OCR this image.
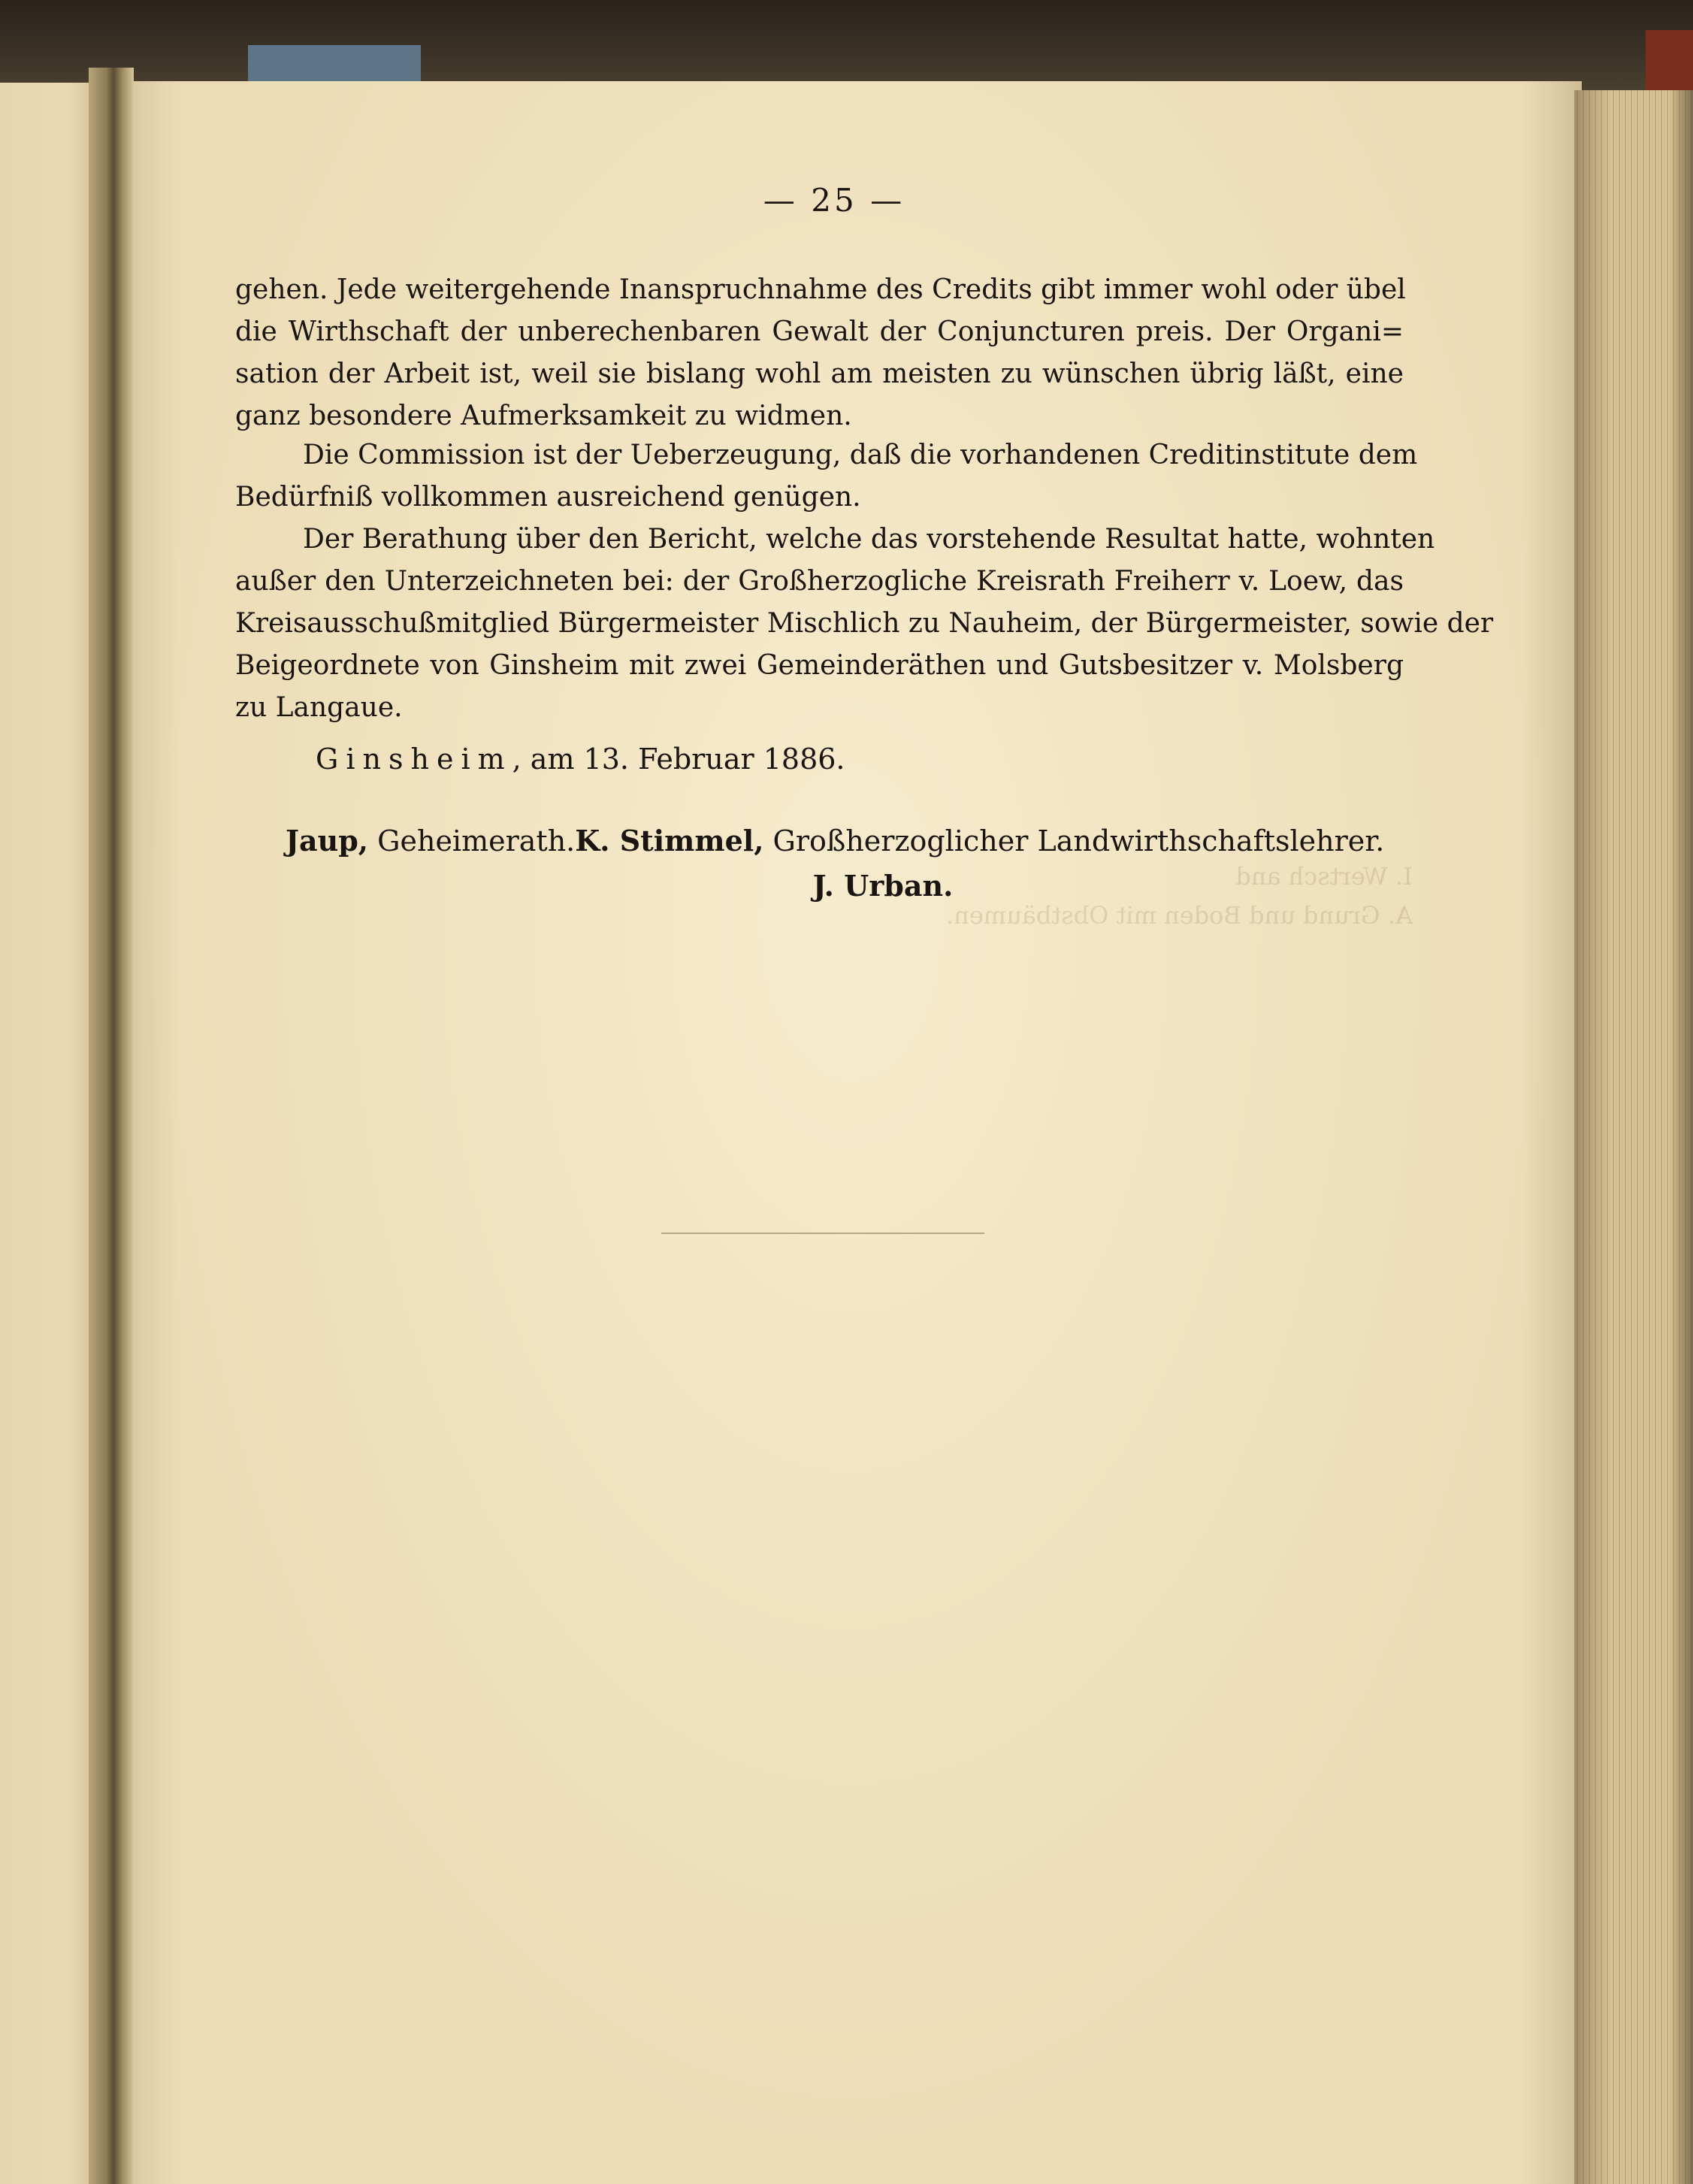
I. Wertsch and
A. Grund und Boden mit Obstbäumen.
— 25 —
gehen. Jede weitergehende Inanspruchnahme des Credits gibt immer wohl oder übel
die Wirthschaft der unberechenbaren Gewalt der Conjuncturen preis. Der Organi=
sation der Arbeit ist, weil sie bislang wohl am meisten zu wünschen übrig läßt, eine
ganz besondere Aufmerksamkeit zu widmen.
Die Commission ist der Ueberzeugung, daß die vorhandenen Creditinstitute dem
Bedürfniß vollkommen ausreichend genügen.
Der Berathung über den Bericht, welche das vorstehende Resultat hatte, wohnten
außer den Unterzeichneten bei: der Großherzogliche Kreisrath Freiherr v. Loew, das
Kreisausschußmitglied Bürgermeister Mischlich zu Nauheim, der Bürgermeister, sowie der
Beigeordnete von Ginsheim mit zwei Gemeinderäthen und Gutsbesitzer v. Molsberg
zu Langaue.
Ginsheim, am 13. Februar 1886.
Jaup, Geheimerath. K. Stimmel, Großherzoglicher Landwirthschaftslehrer.
J. Urban.
